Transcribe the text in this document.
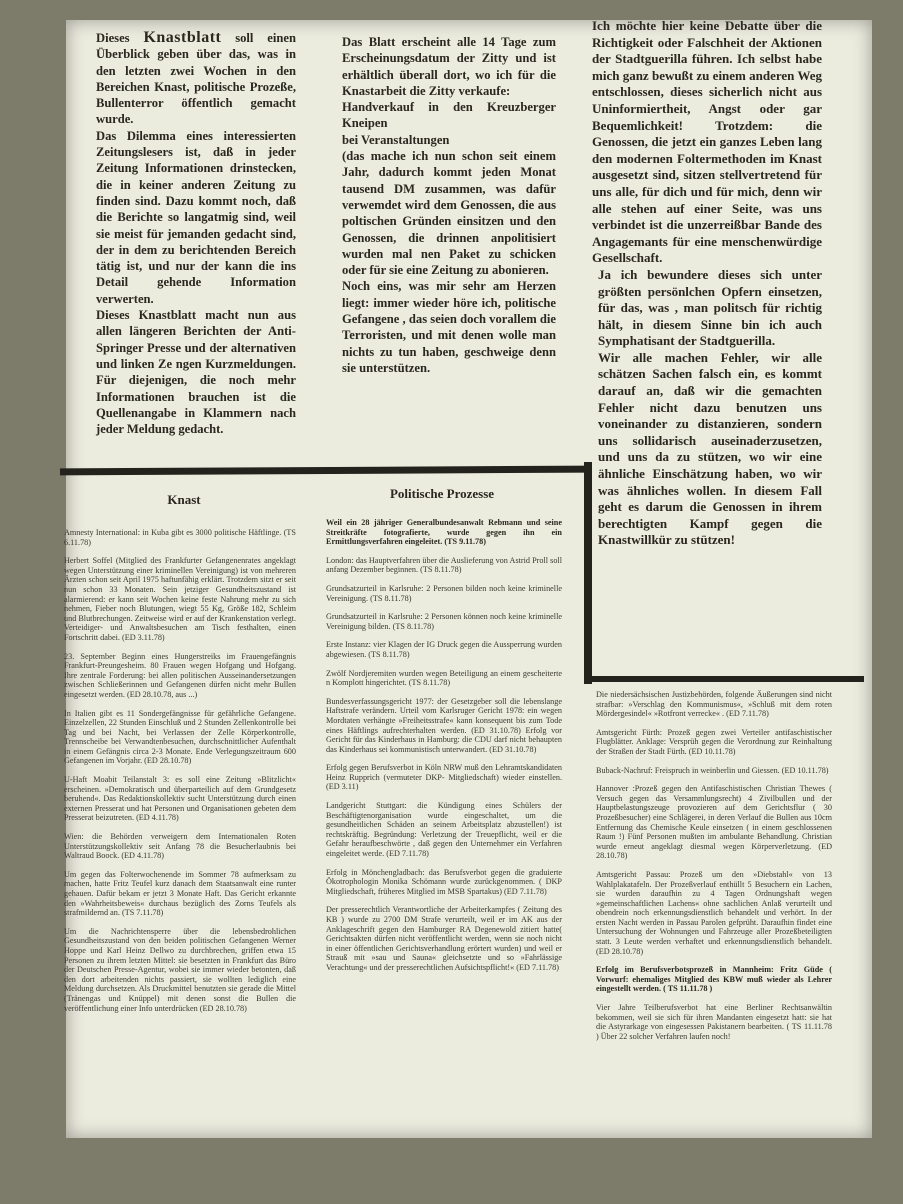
Dieses Knastblatt soll einen Überblick geben über das, was in den letzten zwei Wochen in den Bereichen Knast, politische Prozeße, Bullenterror öffentlich gemacht wurde.

Das Dilemma eines interessierten Zeitungslesers ist, daß in jeder Zeitung Informationen drinstecken, die in keiner anderen Zeitung zu finden sind. Dazu kommt noch, daß die Berichte so langatmig sind, weil sie meist für jemanden gedacht sind, der in dem zu berichtenden Bereich tätig ist, und nur der kann die ins Detail gehende Information verwerten.

Dieses Knastblatt macht nun aus allen längeren Berichten der Anti-Springer Presse und der alternativen und linken Ze ngen Kurzmeldungen. Für diejenigen, die noch mehr Informationen brauchen ist die Quellenangabe in Klammern nach jeder Meldung gedacht.

Das Blatt erscheint alle 14 Tage zum Erscheinungsdatum der Zitty und ist erhältlich überall dort, wo ich für die Knastarbeit die Zitty verkaufe:

Handverkauf in den Kreuzberger Kneipen

bei Veranstaltungen

(das mache ich nun schon seit einem Jahr, dadurch kommt jeden Monat tausend DM zusammen, was dafür verwemdet wird dem Genossen, die aus poltischen Gründen einsitzen und den Genossen, die drinnen anpolitisiert wurden mal nen Paket zu schicken oder für sie eine Zeitung zu abonieren.

Noch eins, was mir sehr am Herzen liegt: immer wieder höre ich, politische Gefangene , das seien doch vorallem die Terroristen, und mit denen wolle man nichts zu tun haben, geschweige denn sie unterstützen.

Ich möchte hier keine Debatte über die Richtigkeit oder Falschheit der Aktionen der Stadtguerilla führen. Ich selbst habe mich ganz bewußt zu einem anderen Weg entschlossen, dieses sicherlich nicht aus Uninformiertheit, Angst oder gar Bequemlichkeit! Trotzdem: die Genossen, die jetzt ein ganzes Leben lang den modernen Foltermethoden im Knast ausgesetzt sind, sitzen stellvertretend für uns alle, für dich und für mich, denn wir alle stehen auf einer Seite, was uns verbindet ist die unzerreißbar Bande des Angagemants für eine menschenwürdige Gesellschaft.

Ja ich bewundere dieses sich unter größten persönlchen Opfern einsetzen, für das, was , man politsch für richtig hält, in diesem Sinne bin ich auch Symphatisant der Stadtguerilla.

Wir alle machen Fehler, wir alle schätzen Sachen falsch ein, es kommt darauf an, daß wir die gemachten Fehler nicht dazu benutzen uns voneinander zu distanzieren, sondern uns sollidarisch auseinaderzusetzen, und uns da zu stützen, wo wir eine ähnliche Einschätzung haben, wo wir was ähnliches wollen. In diesem Fall geht es darum die Genossen in ihrem berechtigten Kampf gegen die Knastwillkür zu stützen!

Knast	Politische Prozesse

Amnesty International: in Kuba gibt es 3000 politische Häftlinge. (TS 6.11.78)

Herbert Soffel (Mitglied des Frankfurter Gefangenenrates angeklagt wegen Unterstützung einer kriminellen Vereinigung) ist von mehreren Ärzten schon seit April 1975 haftunfähig erklärt. Trotzdem sitzt er seit nun schon 33 Monaten. Sein jetziger Gesundheitszustand ist alarmierend: er kann seit Wochen keine feste Nahrung mehr zu sich nehmen, Fieber noch Blutungen, wiegt 55 Kg, Größe 182, Schleim und Blutbrechungen. Zeitweise wird er auf der Krankenstation verlegt. Verteidiger- und Anwaltsbesuchen am Tisch festhalten, einen Fortschritt dabei. (ED 3.11.78)

23. September Beginn eines Hungerstreiks im Frauengefängnis Frankfurt-Preungesheim. 80 Frauen wegen Hofgang und Hofgang. Ihre zentrale Forderung: bei allen politischen Ausseinandersetzungen zwischen Schließerinnen und Gefangenen dürfen nicht mehr Bullen eingesetzt werden. (ED 28.10.78, aus ...)

In Italien gibt es 11 Sondergefängnisse für gefährliche Gefangene. Einzelzellen, 22 Stunden Einschluß und 2 Stunden Zellenkontrolle bei Tag und bei Nacht, bei Verlassen der Zelle Körperkontrolle, Trennscheibe bei Verwandtenbesuchen, durchschnittlicher Aufenthalt in einem Gefängnis circa 2-3 Monate. Ende Verlegungszeitraum 600 Gefangenen im Vorjahr. (ED 28.10.78)

U-Haft Moabit Teilanstalt 3: es soll eine Zeitung »Blitzlicht« erscheinen. »Demokratisch und überparteilich auf dem Grundgesetz beruhend«. Das Redaktionskollektiv sucht Unterstützung durch einen externen Presserat und hat Personen und Organisationen gebeten dem Presserat beizutreten. (ED 4.11.78)

Wien: die Behörden verweigern dem Internationalen Roten Unterstützungskollektiv seit Anfang 78 die Besucherlaubnis bei Waltraud Boock. (ED 4.11.78)

Um gegen das Folterwochenende im Sommer 78 aufmerksam zu machen, hatte Fritz Teufel kurz danach dem Staatsanwalt eine runter gehauen. Dafür bekam er jetzt 3 Monate Haft. Das Gericht erkannte den »Wahrheitsbeweis« durchaus bezüglich des Zorns Teufels als strafmildernd an. (TS 7.11.78)

Um die Nachrichtensperre über die lebensbedrohlichen Gesundheitszustand von den beiden politischen Gefangenen Werner Hoppe und Karl Heinz Dellwo zu durchbrechen, griffen etwa 15 Personen zu ihrem letzten Mittel: sie besetzten in Frankfurt das Büro der Deutschen Presse-Agentur, wobei sie immer wieder betonten, daß den dort arbeitenden nichts passiert, sie wollten lediglich eine Meldung durchsetzen. Als Druckmittel benutzten sie gerade die Mittel (Tränengas und Knüppel) mit denen sonst die Bullen die veröffentlichung einer Info unterdrücken (ED 28.10.78)

Weil ein 28 jähriger Generalbundesanwalt Rebmann und seine Streitkräfte fotografierte, wurde gegen ihn ein Ermittlungsverfahren eingeleitet. (TS 9.11.78)

London: das Hauptverfahren über die Auslieferung von Astrid Proll soll anfang Dezember beginnen. (TS 8.11.78)

Grundsatzurteil in Karlsruhe: 2 Personen bilden noch keine kriminelle Vereinigung. (TS 8.11.78)

Grundsatzurteil in Karlsruhe: 2 Personen können noch keine kriminelle Vereinigung bilden. (TS 8.11.78)

Erste Instanz: vier Klagen der IG Druck gegen die Aussperrung wurden abgewiesen. (TS 8.11.78)

Zwölf Nordjeremiten wurden wegen Beteiligung an einem gescheiterte n Komplott hingerichtet. (TS 8.11.78)

Bundesverfassungsgericht 1977: der Gesetzgeber soll die lebenslange Haftstrafe verändern. Urteil vom Karlsruger Gericht 1978: ein wegen Mordtaten verhängte »Freiheitsstrafe« kann konsequent bis zum Tode eines Häftlings aufrechterhalten werden. (ED 31.10.78) Erfolg vor Gericht für das Kinderhaus in Hamburg: die CDU darf nicht behaupten das Kinderhaus sei kommunistisch unterwandert. (ED 31.10.78)

Erfolg gegen Berufsverbot in Köln NRW muß den Lehramtskandidaten Heinz Rupprich (vermuteter DKP- Mitgliedschaft) wieder einstellen. (ED 3.11)

Landgericht Stuttgart: die Kündigung eines Schülers der Beschäftigtenorganisation wurde eingeschaltet, um die gesundheitlichen Schäden an seinem Arbeitsplatz abzustellen!) ist rechtskräftig. Begründung: Verletzung der Treuepflicht, weil er die Gefahr heraufbeschwörte , daß gegen den Unternehmer ein Verfahren eingeleitet werde. (ED 7.11.78)

Erfolg in Mönchengladbach: das Berufsverbot gegen die graduierte Ökotrophologin Monika Schömann wurde zurückgenommen. ( DKP Mitgliedschaft, früheres Mitglied im MSB Spartakus) (ED 7.11.78)

Der presserechtlich Verantwortliche der Arbeiterkampfes ( Zeitung des KB ) wurde zu 2700 DM Strafe verurteilt, weil er im AK aus der Anklageschrift gegen den Hamburger RA Degenewold zitiert hatte( Gerichtsakten dürfen nicht veröffentlicht werden, wenn sie noch nicht in einer öffentlichen Gerichtsverhandlung erörtert wurden) und weil er Strauß mit »sau und Sauna« gleichsetzte und so »Fahrlässige Verachtung« und der presserechtlichen Aufsichtspflicht!« (ED 7.11.78)

Die niedersächsischen Justizbehörden, folgende Äußerungen sind nicht strafbar: »Verschlag den Kommunismus«, »Schluß mit dem roten Mördergesindel« »Rotfront verrecke« . (ED 7.11.78)

Amtsgericht Fürth: Prozeß gegen zwei Verteiler antifaschistischer Flugblätter. Anklage: Versprüh gegen die Verordnung zur Reinhaltung der Straßen der Stadt Fürth. (ED 10.11.78)

Buback-Nachruf: Freispruch in weinberlin und Giessen. (ED 10.11.78)

Hannover :Prozeß gegen den Antifaschistischen Christian Thewes ( Versuch gegen das Versammlungsrecht) 4 Zivilbullen und der Hauptbelastungszeuge provozieren auf dem Gerichtsflur ( 30 Prozeßbesucher) eine Schlägerei, in deren Verlauf die Bullen aus 10cm Entfernung das Chemische Keule einsetzen ( in einem geschlossenen Raum !) Fünf Personen mußten im ambulante Behandlung. Christian wurde erneut angeklagt diesmal wegen Körperverletzung. (ED 28.10.78)

Amtsgericht Passau: Prozeß um den »Diebstahl« von 13 Wahlplakatafeln. Der Prozeßverlauf enthüllt 5 Besuchern ein Lachen, sie wurden daraufhin zu 4 Tagen Ordnungshaft wegen »gemeinschaftlichen Lachens« ohne sachlichen Anlaß verurteilt und obendrein noch erkennungsdienstlich behandelt und verhört. In der ersten Nacht werden in Passau Parolen gefprüht. Daraufhin findet eine Untersuchung der Wohnungen und Fahrzeuge aller Prozeßbeteiligten statt. 3 Leute werden verhaftet und erkennungsdienstlich behandelt. (ED 28.10.78)

Erfolg im Berufsverbotsprozeß in Mannheim: Fritz Güde ( Vorwurf: ehemaliges Mitglied des KBW muß wieder als Lehrer eingestellt werden. ( TS 11.11.78 )

Vier Jahre Teilberufsverbot hat eine Berliner Rechtsanwältin bekommen, weil sie sich für ihren Mandanten eingesetzt hatt: sie hat die Astyrarkage von eingesessen Pakistanern bearbeiten. ( TS 11.11.78 ) Über 22 solcher Verfahren laufen noch!
